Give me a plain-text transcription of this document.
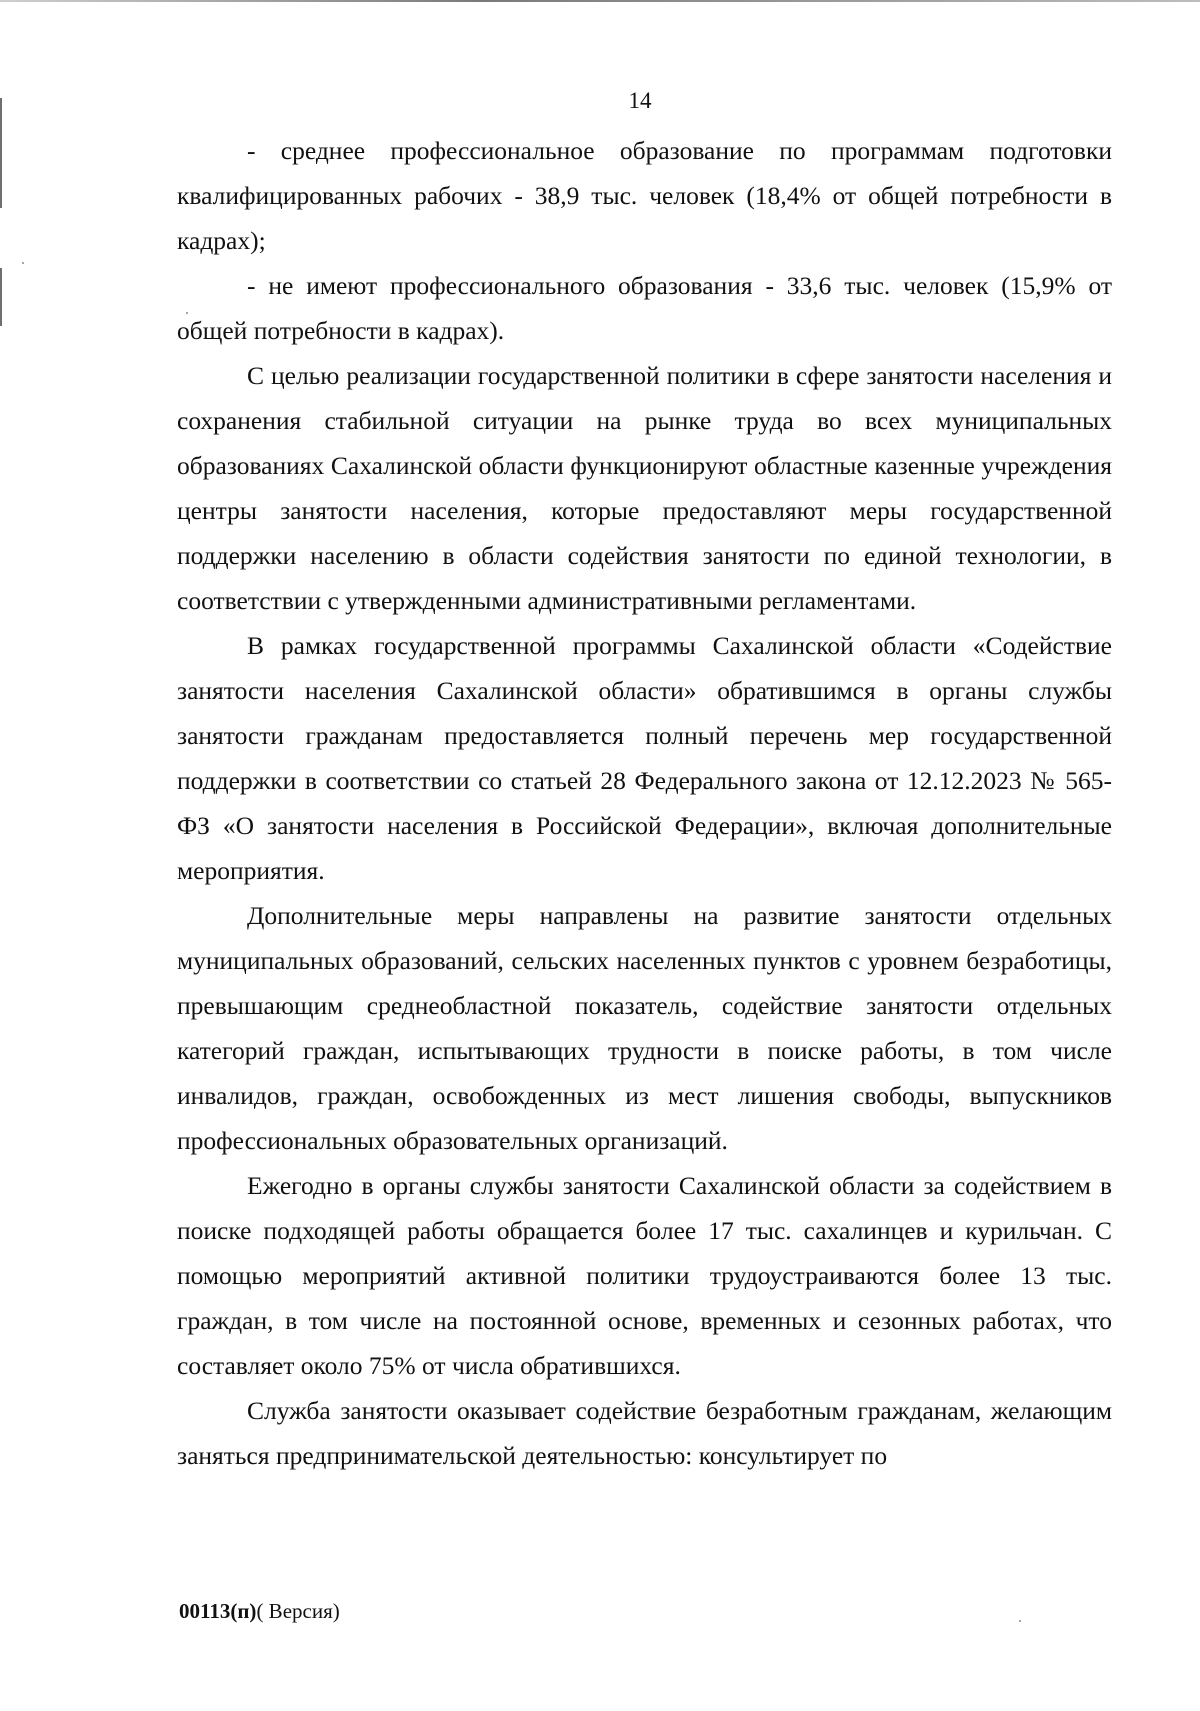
14

- среднее профессиональное образование по программам подготовки квалифицированных рабочих - 38,9 тыс. человек (18,4% от общей потребности в кадрах);

- не имеют профессионального образования - 33,6 тыс. человек (15,9% от общей потребности в кадрах).

С целью реализации государственной политики в сфере занятости населения и сохранения стабильной ситуации на рынке труда во всех муниципальных образованиях Сахалинской области функционируют областные казенные учреждения центры занятости населения, которые предоставляют меры государственной поддержки населению в области содействия занятости по единой технологии, в соответствии с утвержденными административными регламентами.

В рамках государственной программы Сахалинской области «Содействие занятости населения Сахалинской области» обратившимся в органы службы занятости гражданам предоставляется полный перечень мер государственной поддержки в соответствии со статьей 28 Федерального закона от 12.12.2023 № 565-ФЗ «О занятости населения в Российской Федерации», включая дополнительные мероприятия.

Дополнительные меры направлены на развитие занятости отдельных муниципальных образований, сельских населенных пунктов с уровнем безработицы, превышающим среднеобластной показатель, содействие занятости отдельных категорий граждан, испытывающих трудности в поиске работы, в том числе инвалидов, граждан, освобожденных из мест лишения свободы, выпускников профессиональных образовательных организаций.

Ежегодно в органы службы занятости Сахалинской области за содействием в поиске подходящей работы обращается более 17 тыс. сахалинцев и курильчан. С помощью мероприятий активной политики трудоустраиваются более 13 тыс. граждан, в том числе на постоянной основе, временных и сезонных работах, что составляет около 75% от числа обратившихся.

Служба занятости оказывает содействие безработным гражданам, желающим заняться предпринимательской деятельностью: консультирует по

00113(п)( Версия)
